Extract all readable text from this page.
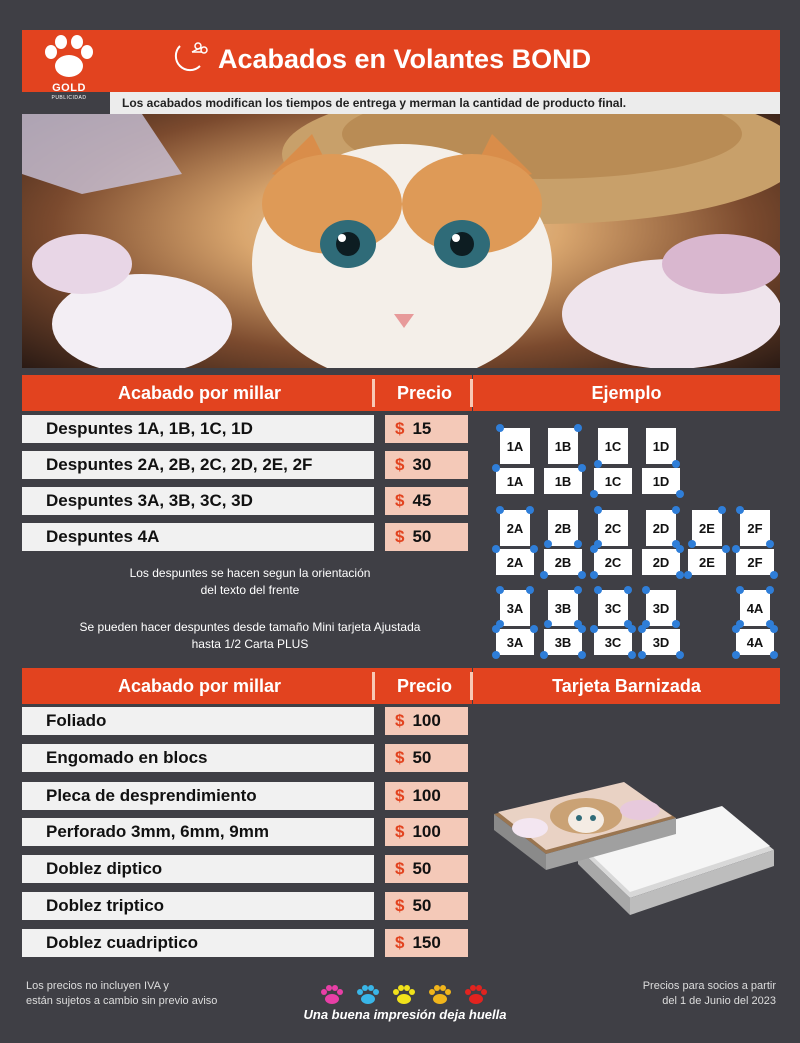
GOLD
PUBLICIDAD
Acabados en Volantes BOND
Los acabados modifican los tiempos de entrega y merman la cantidad de producto final.
Acabado por millar	Precio	Ejemplo
Despuntes 1A, 1B, 1C, 1D	$ 15
Despuntes 2A, 2B, 2C, 2D, 2E, 2F	$ 30
Despuntes 3A, 3B, 3C, 3D	$ 45
Despuntes 4A	$ 50
Los despuntes se hacen segun la orientación
del texto del frente
Se pueden hacer despuntes desde tamaño Mini tarjeta Ajustada
hasta 1/2 Carta PLUS
1A
1A
1B
1B
1C
1C
1D
1D
2A
2A
2B
2B
2C
2C
2D
2D
2E
2E
2F
2F
3A
3A
3B
3B
3C
3C
3D
3D
4A
4A
Acabado por millar	Precio	Tarjeta Barnizada
Foliado	$ 100
Engomado en blocs	$ 50
Pleca de desprendimiento	$ 100
Perforado 3mm, 6mm, 9mm	$ 100
Doblez diptico	$ 50
Doblez triptico	$ 50
Doblez cuadriptico	$ 150
Los precios no incluyen IVA y
están sujetos a cambio sin previo aviso
Precios para socios a partir
del 1 de Junio del 2023
Una buena impresión deja huella
